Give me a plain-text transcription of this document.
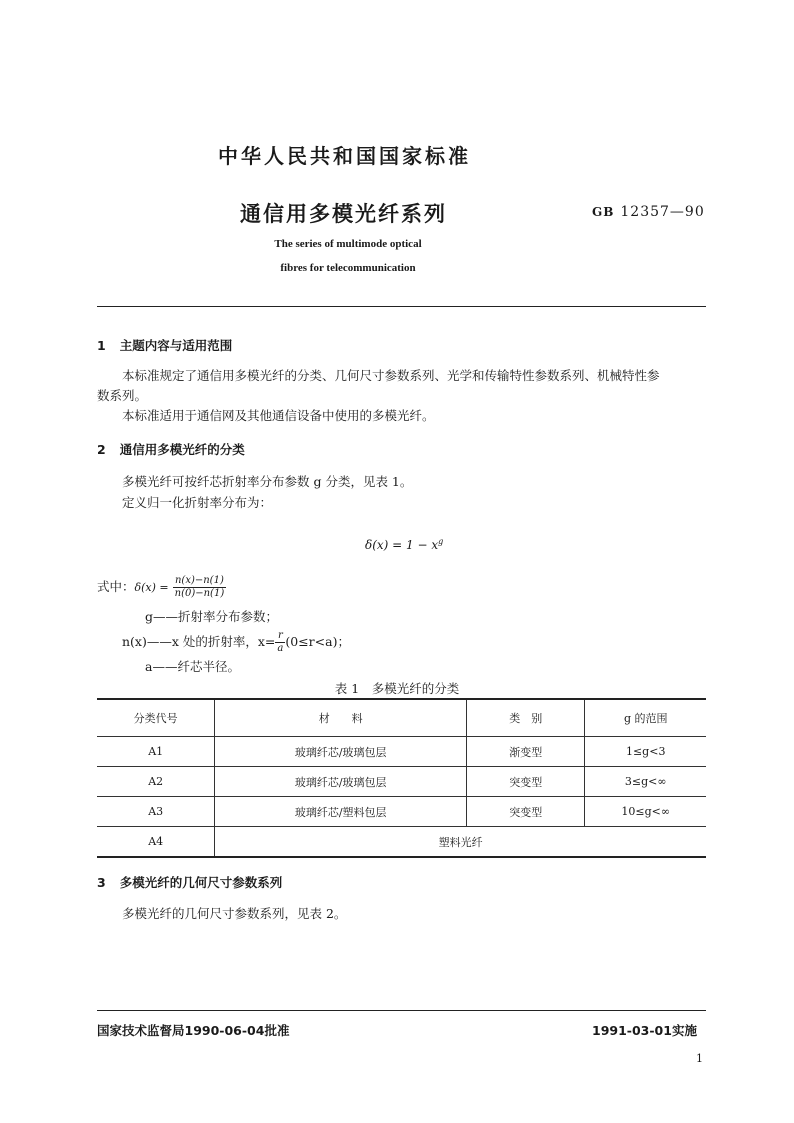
中华人民共和国国家标准
通信用多模光纤系列	GB 12357—90
The series of multimode optical
fibres for telecommunication
1 主题内容与适用范围
本标准规定了通信用多模光纤的分类、几何尺寸参数系列、光学和传输特性参数系列、机械特性参
数系列。
本标准适用于通信网及其他通信设备中使用的多模光纤。
2 通信用多模光纤的分类
多模光纤可按纤芯折射率分布参数 g 分类，见表 1。
定义归一化折射率分布为：
$\delta(x) = 1 - x^g$
式中：$\delta(x) = \frac{n(x)-n(1)}{n(0)-n(1)}$
g——折射率分布参数；
n(x)——x 处的折射率，$x= \frac{r}{a} (0\le r<a)$；
a——纤芯半径。
表 1　多模光纤的分类
分类代号	材　　料	类　别	g 的范围
A1	玻璃纤芯/玻璃包层	渐变型	1≤g<3
A2	玻璃纤芯/玻璃包层	突变型	3≤g<∞
A3	玻璃纤芯/塑料包层	突变型	10≤g<∞
A4	塑料光纤		
3 多模光纤的几何尺寸参数系列
多模光纤的几何尺寸参数系列，见表 2。
国家技术监督局1990-06-04批准	1991-03-01实施
1
